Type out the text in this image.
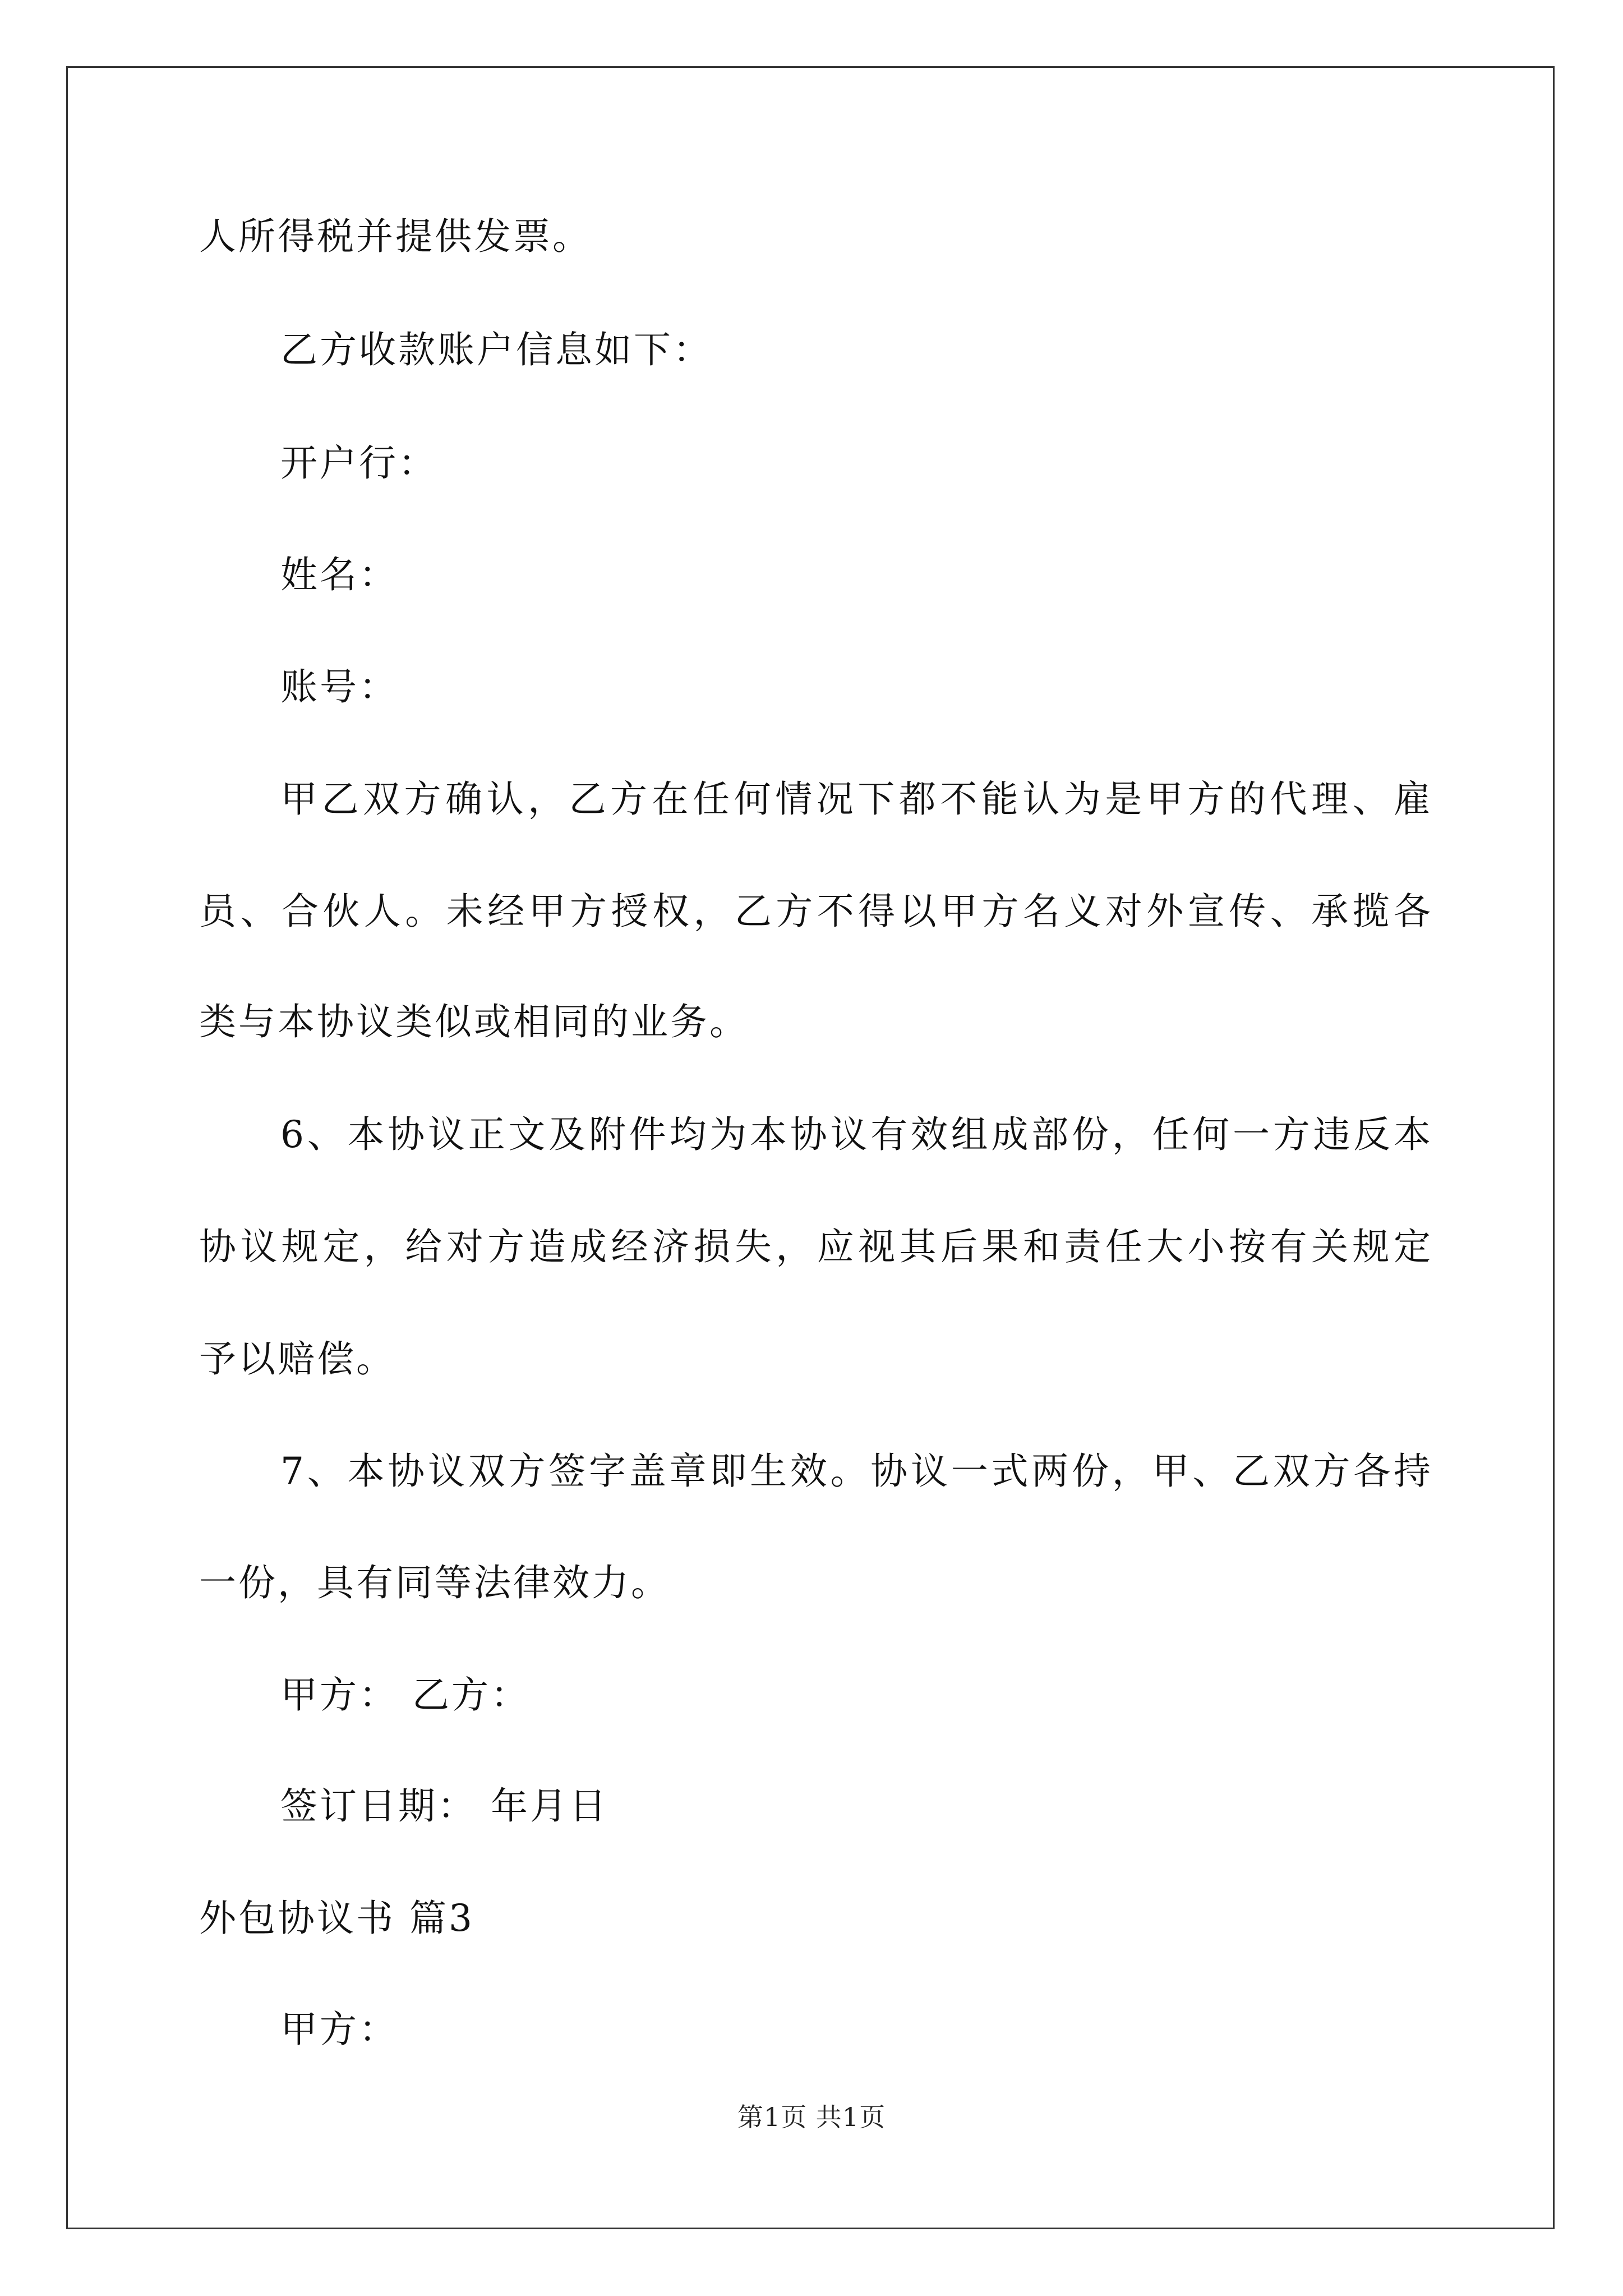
人所得税并提供发票。
乙方收款账户信息如下：
开户行：
姓名：
账号：
甲乙双方确认，乙方在任何情况下都不能认为是甲方的代理、雇
员、合伙人。未经甲方授权，乙方不得以甲方名义对外宣传、承揽各
类与本协议类似或相同的业务。
6、本协议正文及附件均为本协议有效组成部份，任何一方违反本
协议规定，给对方造成经济损失，应视其后果和责任大小按有关规定
予以赔偿。
7、本协议双方签字盖章即生效。协议一式两份，甲、乙双方各持
一份，具有同等法律效力。
甲方： 乙方：
签订日期： 年月日
外包协议书 篇3
甲方：
第1页 共1页
